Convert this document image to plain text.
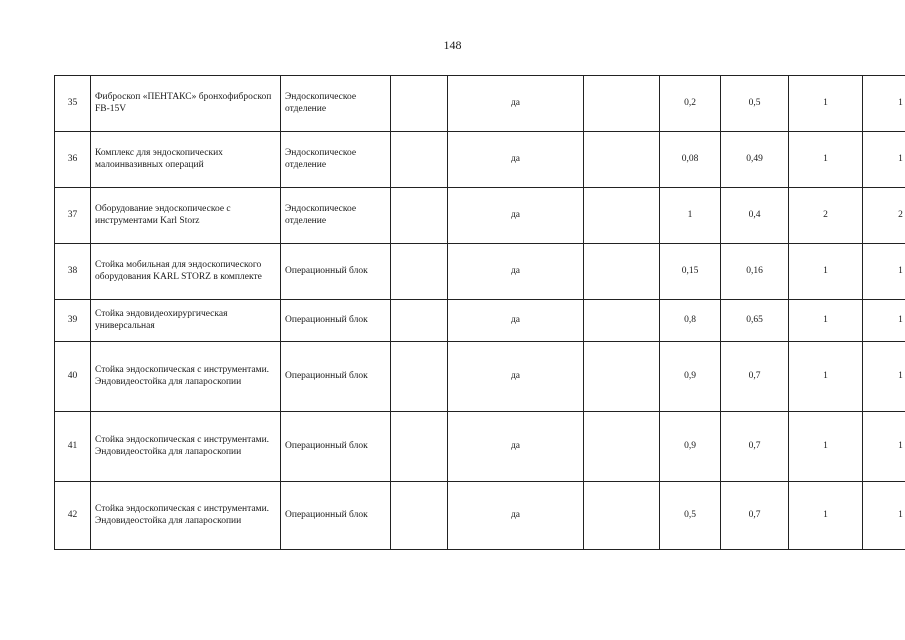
148
35	Фиброскоп «ПЕНТАКС» бронхофиброскоп FB-15V	Эндоскопическое отделение		да		0,2	0,5	1	1
36	Комплекс для эндоскопических малоинвазивных операций	Эндоскопическое отделение		да		0,08	0,49	1	1
37	Оборудование эндоскопическое с инструментами Karl Storz	Эндоскопическое отделение		да		1	0,4	2	2
38	Стойка мобильная для эндоскопического оборудования KARL STORZ в комплекте	Операционный блок		да		0,15	0,16	1	1
39	Стойка эндовидеохирургическая универсальная	Операционный блок		да		0,8	0,65	1	1
40	Стойка эндоскопическая с инструментами. Эндовидеостойка для лапароскопии	Операционный блок		да		0,9	0,7	1	1
41	Стойка эндоскопическая с инструментами. Эндовидеостойка для лапароскопии	Операционный блок		да		0,9	0,7	1	1
42	Стойка эндоскопическая с инструментами. Эндовидеостойка для лапароскопии	Операционный блок		да		0,5	0,7	1	1
